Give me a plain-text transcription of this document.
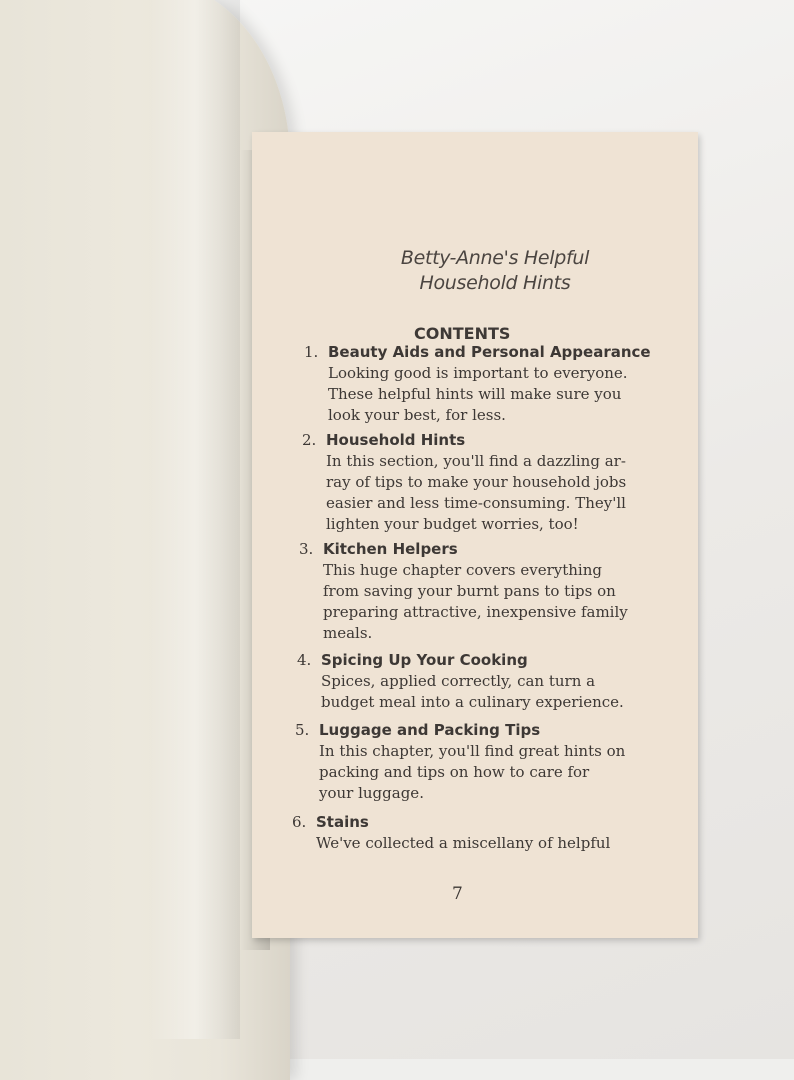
Betty-Anne's Helpful
Household Hints
CONTENTS
1. Beauty Aids and Personal Appearance
Looking good is important to everyone.
These helpful hints will make sure you
look your best, for less.
2. Household Hints
In this section, you'll find a dazzling ar-
ray of tips to make your household jobs
easier and less time-consuming. They'll
lighten your budget worries, too!
3. Kitchen Helpers
This huge chapter covers everything
from saving your burnt pans to tips on
preparing attractive, inexpensive family
meals.
4. Spicing Up Your Cooking
Spices, applied correctly, can turn a
budget meal into a culinary experience.
5. Luggage and Packing Tips
In this chapter, you'll find great hints on
packing and tips on how to care for
your luggage.
6. Stains
We've collected a miscellany of helpful
7
